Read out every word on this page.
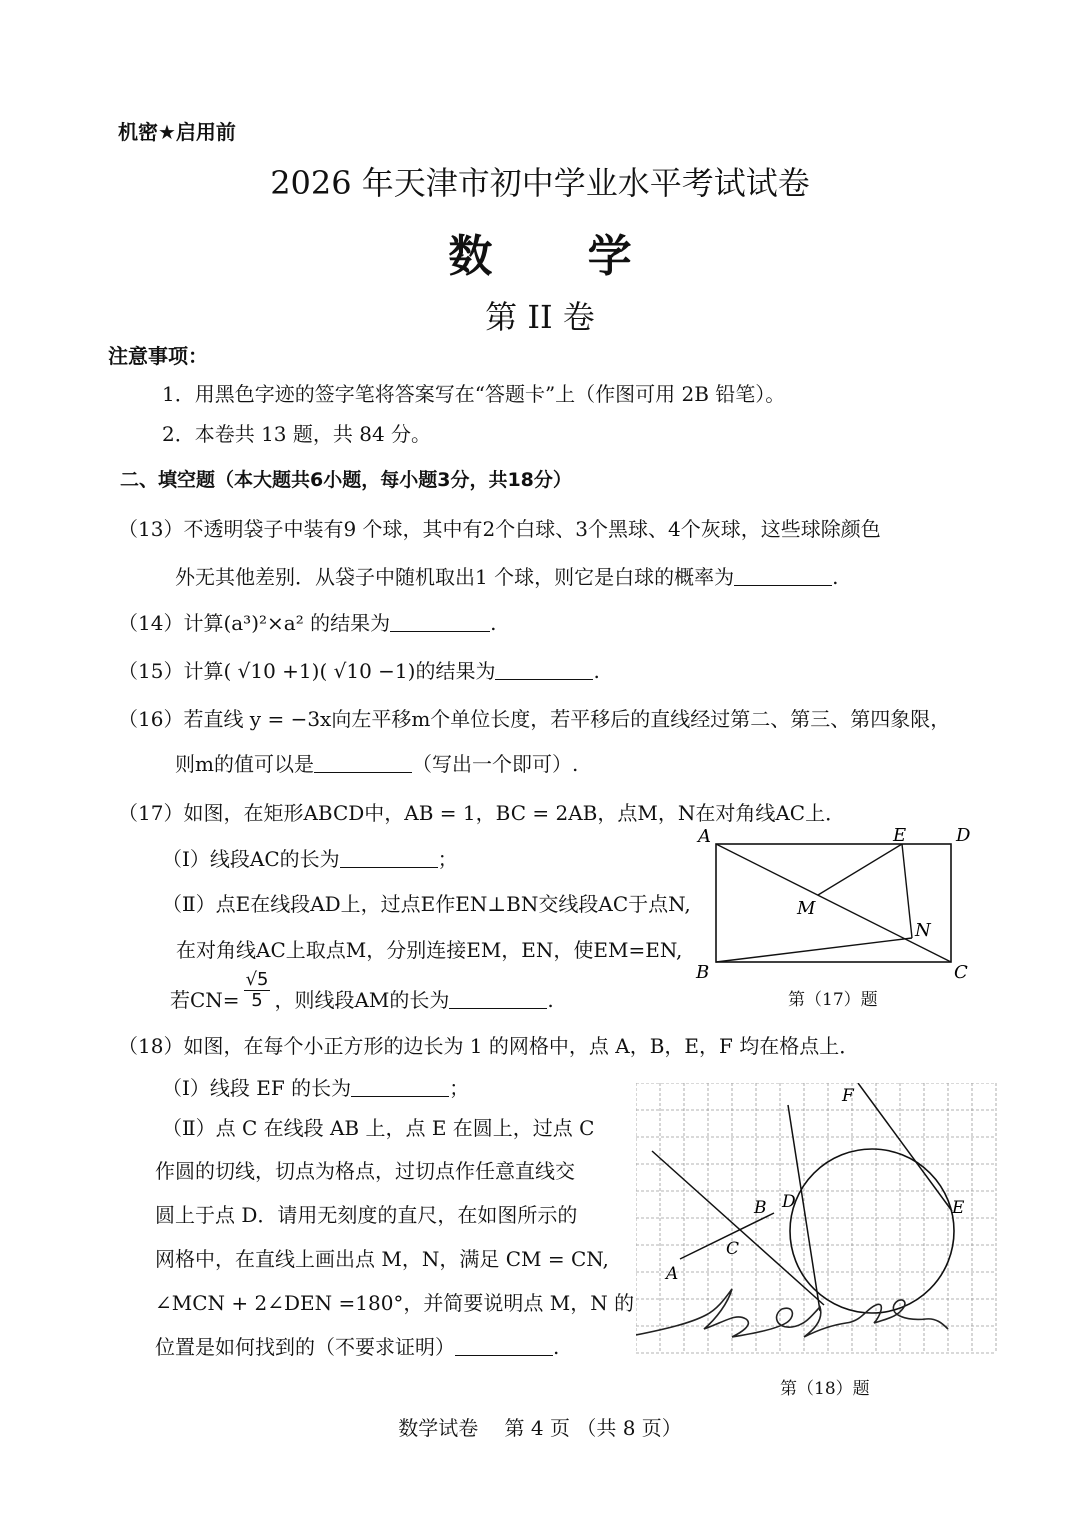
机密★启用前
2026 年天津市初中学业水平考试试卷
数 学
第 II 卷
注意事项：
1．用黑色字迹的签字笔将答案写在“答题卡”上（作图可用 2B 铅笔）。
2．本卷共 13 题，共 84 分。
二、填空题（本大题共6小题，每小题3分，共18分）
（13）不透明袋子中装有9 个球，其中有2个白球、3个黑球、4个灰球，这些球除颜色
外无其他差别．从袋子中随机取出1 个球，则它是白球的概率为	.
（14）计算(a³)²×a² 的结果为	.
（15）计算( √10 +1)( √10 −1)的结果为	.
（16）若直线 y = −3x向左平移m个单位长度，若平移后的直线经过第二、第三、第四象限，
则m的值可以是	（写出一个即可）.
（17）如图，在矩形ABCD中，AB = 1，BC = 2AB，点M，N在对角线AC上．
（Ⅰ）线段AC的长为	；
（Ⅱ）点E在线段AD上，过点E作EN⊥BN交线段AC于点N,
在对角线AC上取点M，分别连接EM，EN，使EM=EN,
若$CN= \frac{√5}{5}$ ，则线段AM的长为	.
A	E	D
M
N
B	C
第（17）题
（18）如图，在每个小正方形的边长为 1 的网格中，点 A，B，E，F 均在格点上．
（Ⅰ）线段 EF 的长为	；
（Ⅱ）点 C 在线段 AB 上，点 E 在圆上，过点 C
作圆的切线，切点为格点，过切点作任意直线交
圆上于点 D．请用无刻度的直尺，在如图所示的
网格中，在直线上画出点 M，N，满足 CM = CN,
∠MCN + 2∠DEN =180°，并简要说明点 M，N 的
位置是如何找到的（不要求证明）	.
F
D
B	E
C
A
第（18）题
数学试卷　 第 4 页 （共 8 页）
